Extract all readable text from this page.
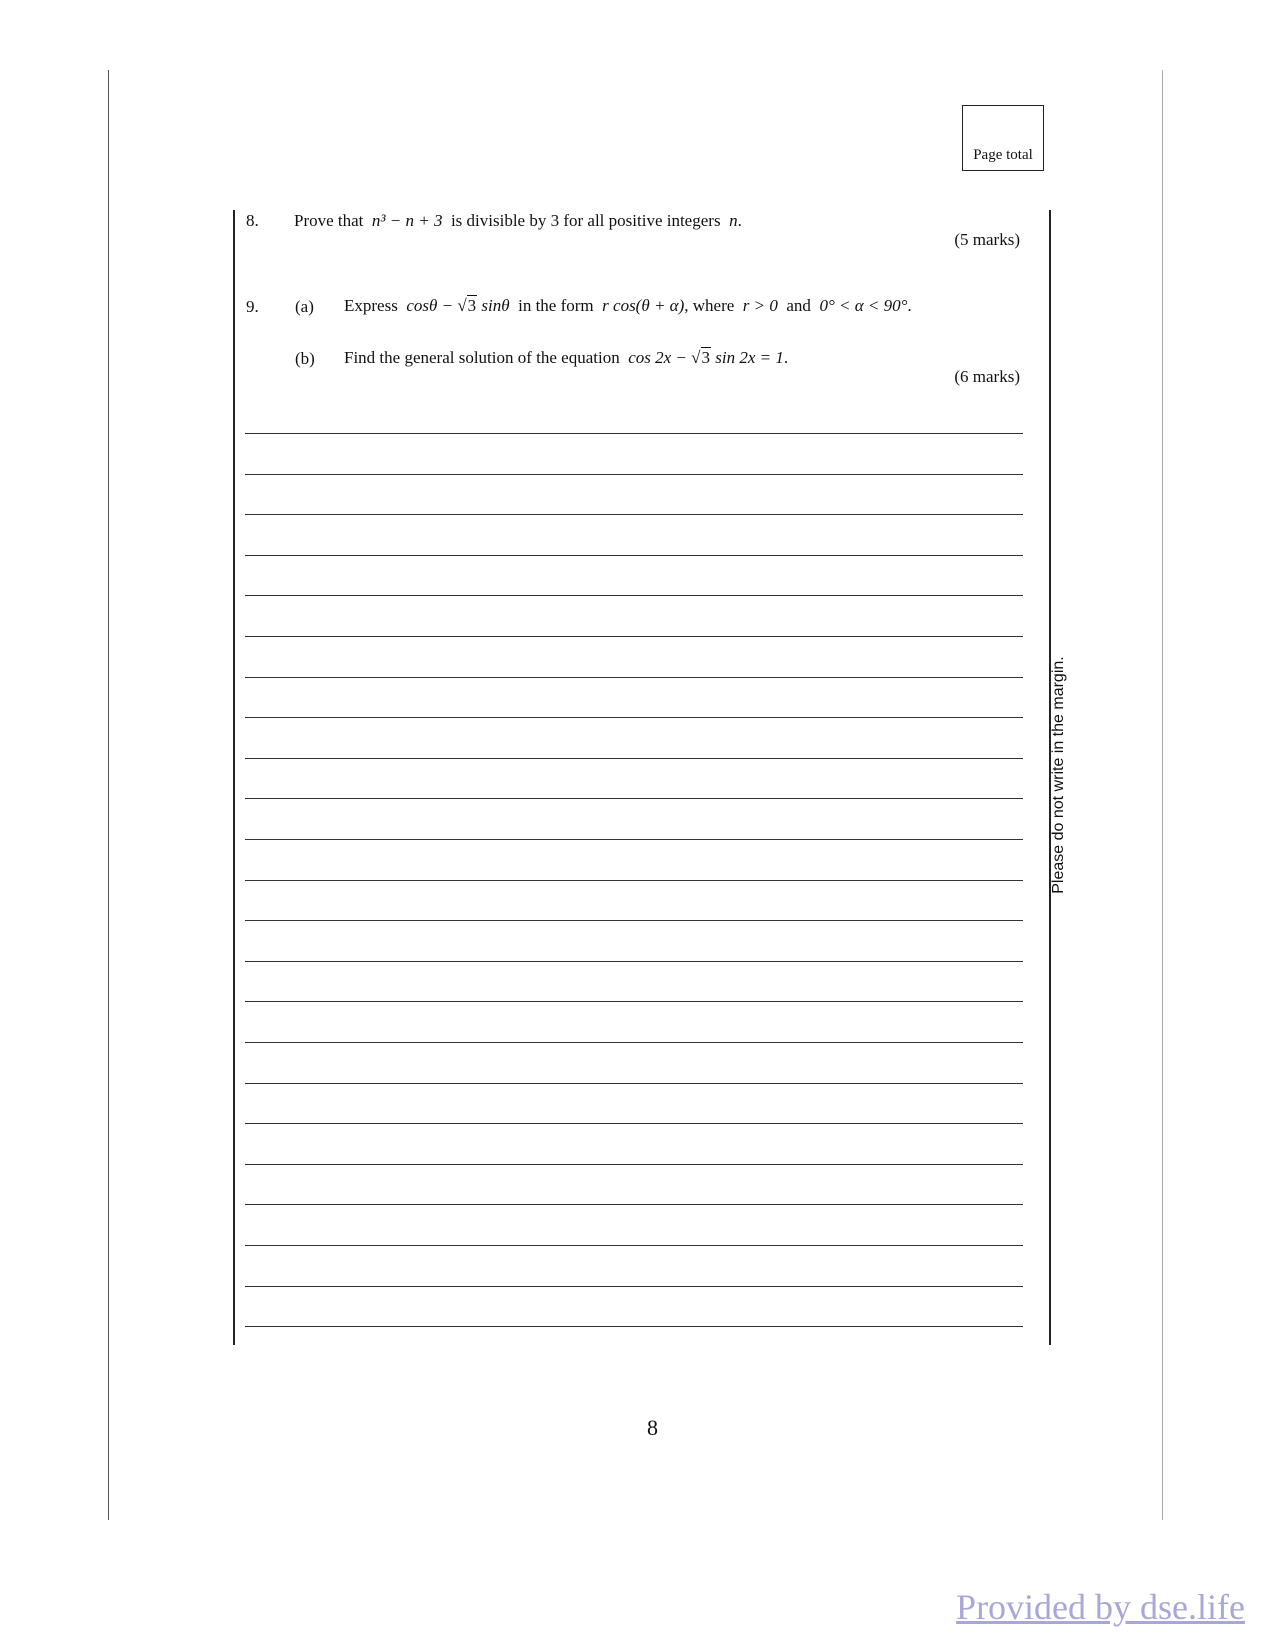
Page total
8. Prove that n³ − n + 3 is divisible by 3 for all positive integers n.
(5 marks)
9. (a) Express cosθ − √3 sinθ in the form r cos(θ + α), where r > 0 and 0° < α < 90°.
(b) Find the general solution of the equation cos 2x − √3 sin 2x = 1.
(6 marks)
Please do not write in the margin.
8
Provided by dse.life
